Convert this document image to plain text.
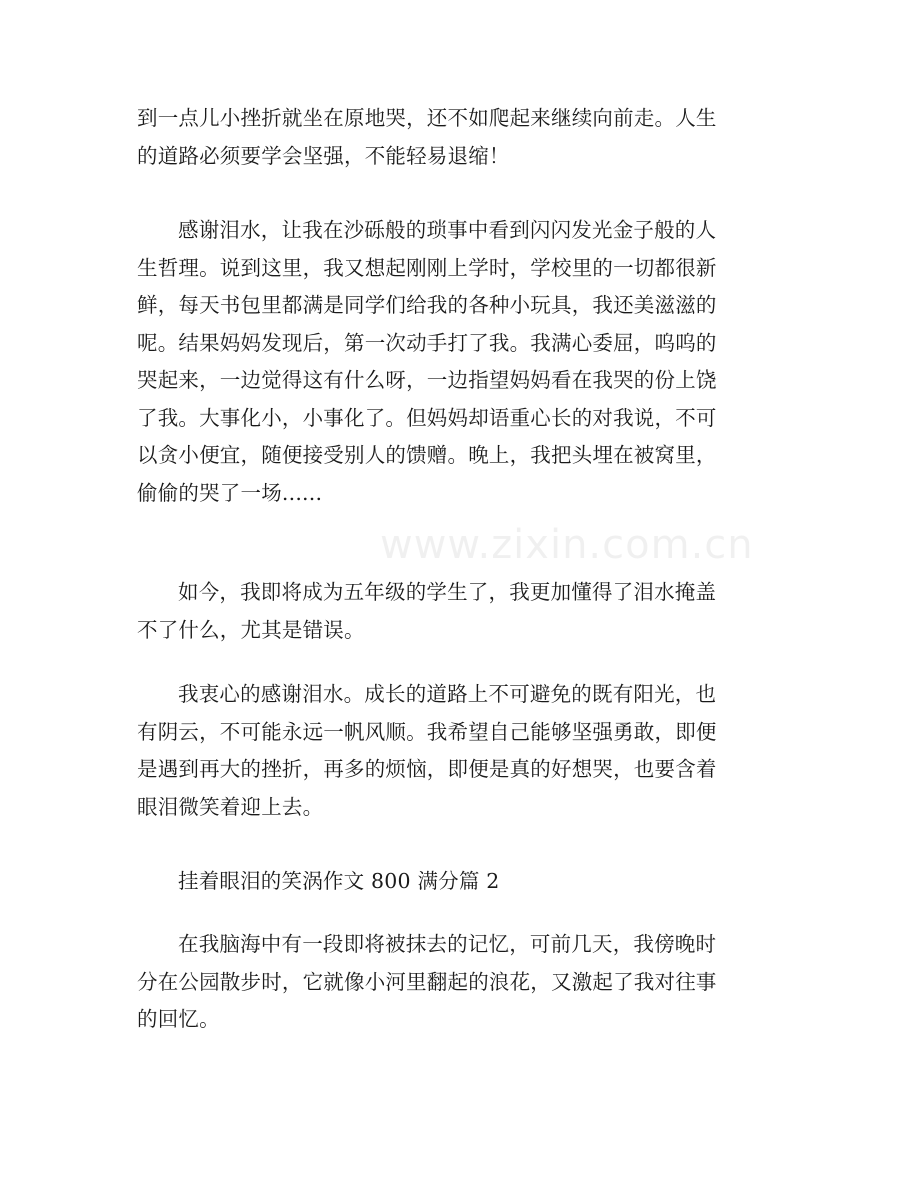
www.zixin.com.cn
到一点儿小挫折就坐在原地哭，还不如爬起来继续向前走。人生
的道路必须要学会坚强，不能轻易退缩！
感谢泪水，让我在沙砾般的琐事中看到闪闪发光金子般的人
生哲理。说到这里，我又想起刚刚上学时，学校里的一切都很新
鲜，每天书包里都满是同学们给我的各种小玩具，我还美滋滋的
呢。结果妈妈发现后，第一次动手打了我。我满心委屈，呜呜的
哭起来，一边觉得这有什么呀，一边指望妈妈看在我哭的份上饶
了我。大事化小，小事化了。但妈妈却语重心长的对我说，不可
以贪小便宜，随便接受别人的馈赠。晚上，我把头埋在被窝里，
偷偷的哭了一场......
如今，我即将成为五年级的学生了，我更加懂得了泪水掩盖
不了什么，尤其是错误。
我衷心的感谢泪水。成长的道路上不可避免的既有阳光，也
有阴云，不可能永远一帆风顺。我希望自己能够坚强勇敢，即便
是遇到再大的挫折，再多的烦恼，即便是真的好想哭，也要含着
眼泪微笑着迎上去。
挂着眼泪的笑涡作文 800 满分篇 2
在我脑海中有一段即将被抹去的记忆，可前几天，我傍晚时
分在公园散步时，它就像小河里翻起的浪花，又激起了我对往事
的回忆。
